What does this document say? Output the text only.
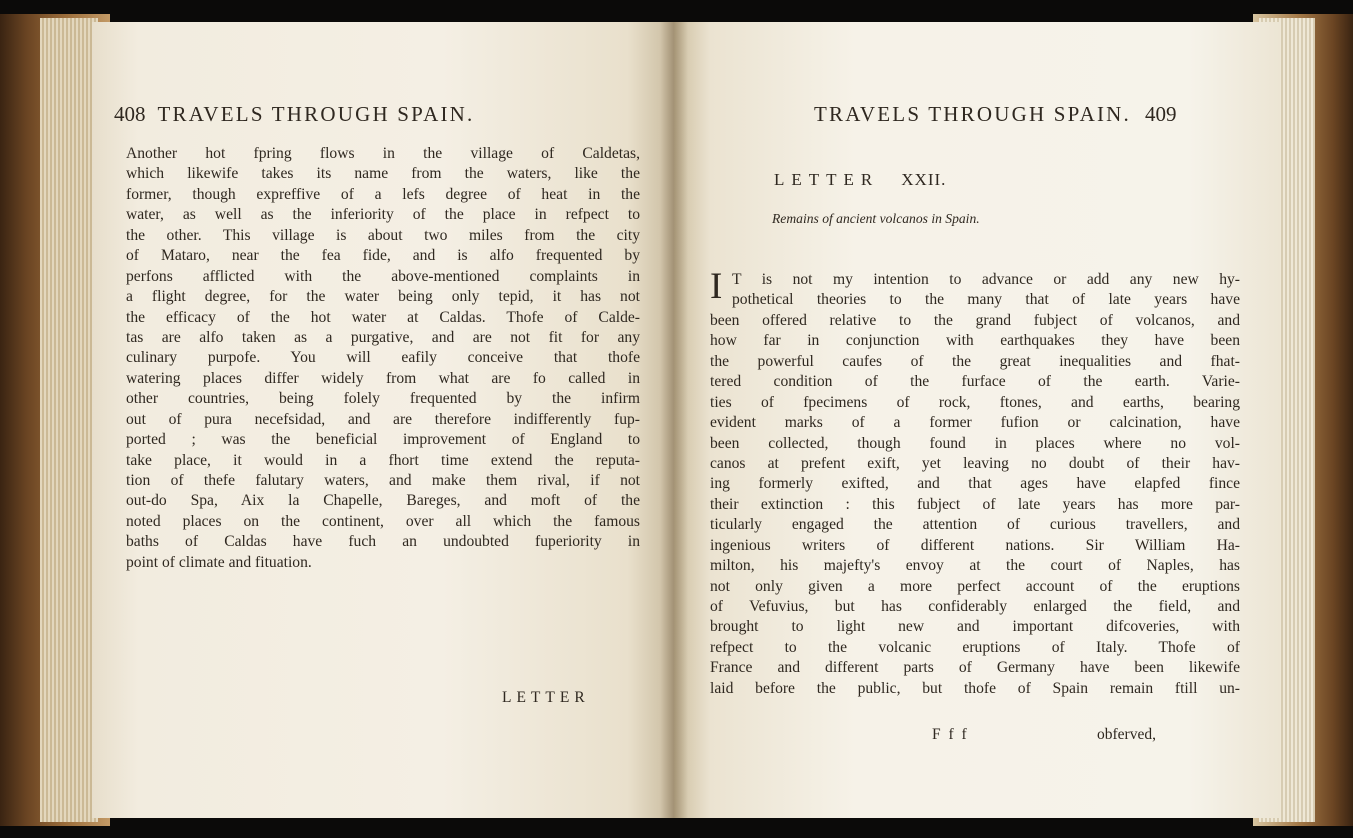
408 TRAVELS THROUGH SPAIN.
Another hot fpring flows in the village of Caldetas,
which likewife takes its name from the waters, like the
former, though expreffive of a lefs degree of heat in the
water, as well as the inferiority of the place in refpect to
the other. This village is about two miles from the city
of Mataro, near the fea fide, and is alfo frequented by
perfons afflicted with the above-mentioned complaints in
a flight degree, for the water being only tepid, it has not
the efficacy of the hot water at Caldas. Thofe of Calde-
tas are alfo taken as a purgative, and are not fit for any
culinary purpofe. You will eafily conceive that thofe
watering places differ widely from what are fo called in
other countries, being folely frequented by the infirm
out of pura necefsidad, and are therefore indifferently fup-
ported ; was the beneficial improvement of England to
take place, it would in a fhort time extend the reputa-
tion of thefe falutary waters, and make them rival, if not
out-do Spa, Aix la Chapelle, Bareges, and moft of the
noted places on the continent, over all which the famous
baths of Caldas have fuch an undoubted fuperiority in
point of climate and fituation.
LETTER
TRAVELS THROUGH SPAIN. 409
LETTER XXII.
Remains of ancient volcanos in Spain.
I T is not my intention to advance or add any new hy-
pothetical theories to the many that of late years have
been offered relative to the grand fubject of volcanos, and
how far in conjunction with earthquakes they have been
the powerful caufes of the great inequalities and fhat-
tered condition of the furface of the earth. Varie-
ties of fpecimens of rock, ftones, and earths, bearing
evident marks of a former fufion or calcination, have
been collected, though found in places where no vol-
canos at prefent exift, yet leaving no doubt of their hav-
ing formerly exifted, and that ages have elapfed fince
their extinction : this fubject of late years has more par-
ticularly engaged the attention of curious travellers, and
ingenious writers of different nations. Sir William Ha-
milton, his majefty's envoy at the court of Naples, has
not only given a more perfect account of the eruptions
of Vefuvius, but has confiderably enlarged the field, and
brought to light new and important difcoveries, with
refpect to the volcanic eruptions of Italy. Thofe of
France and different parts of Germany have been likewife
laid before the public, but thofe of Spain remain ftill un-
F f f	obferved,
